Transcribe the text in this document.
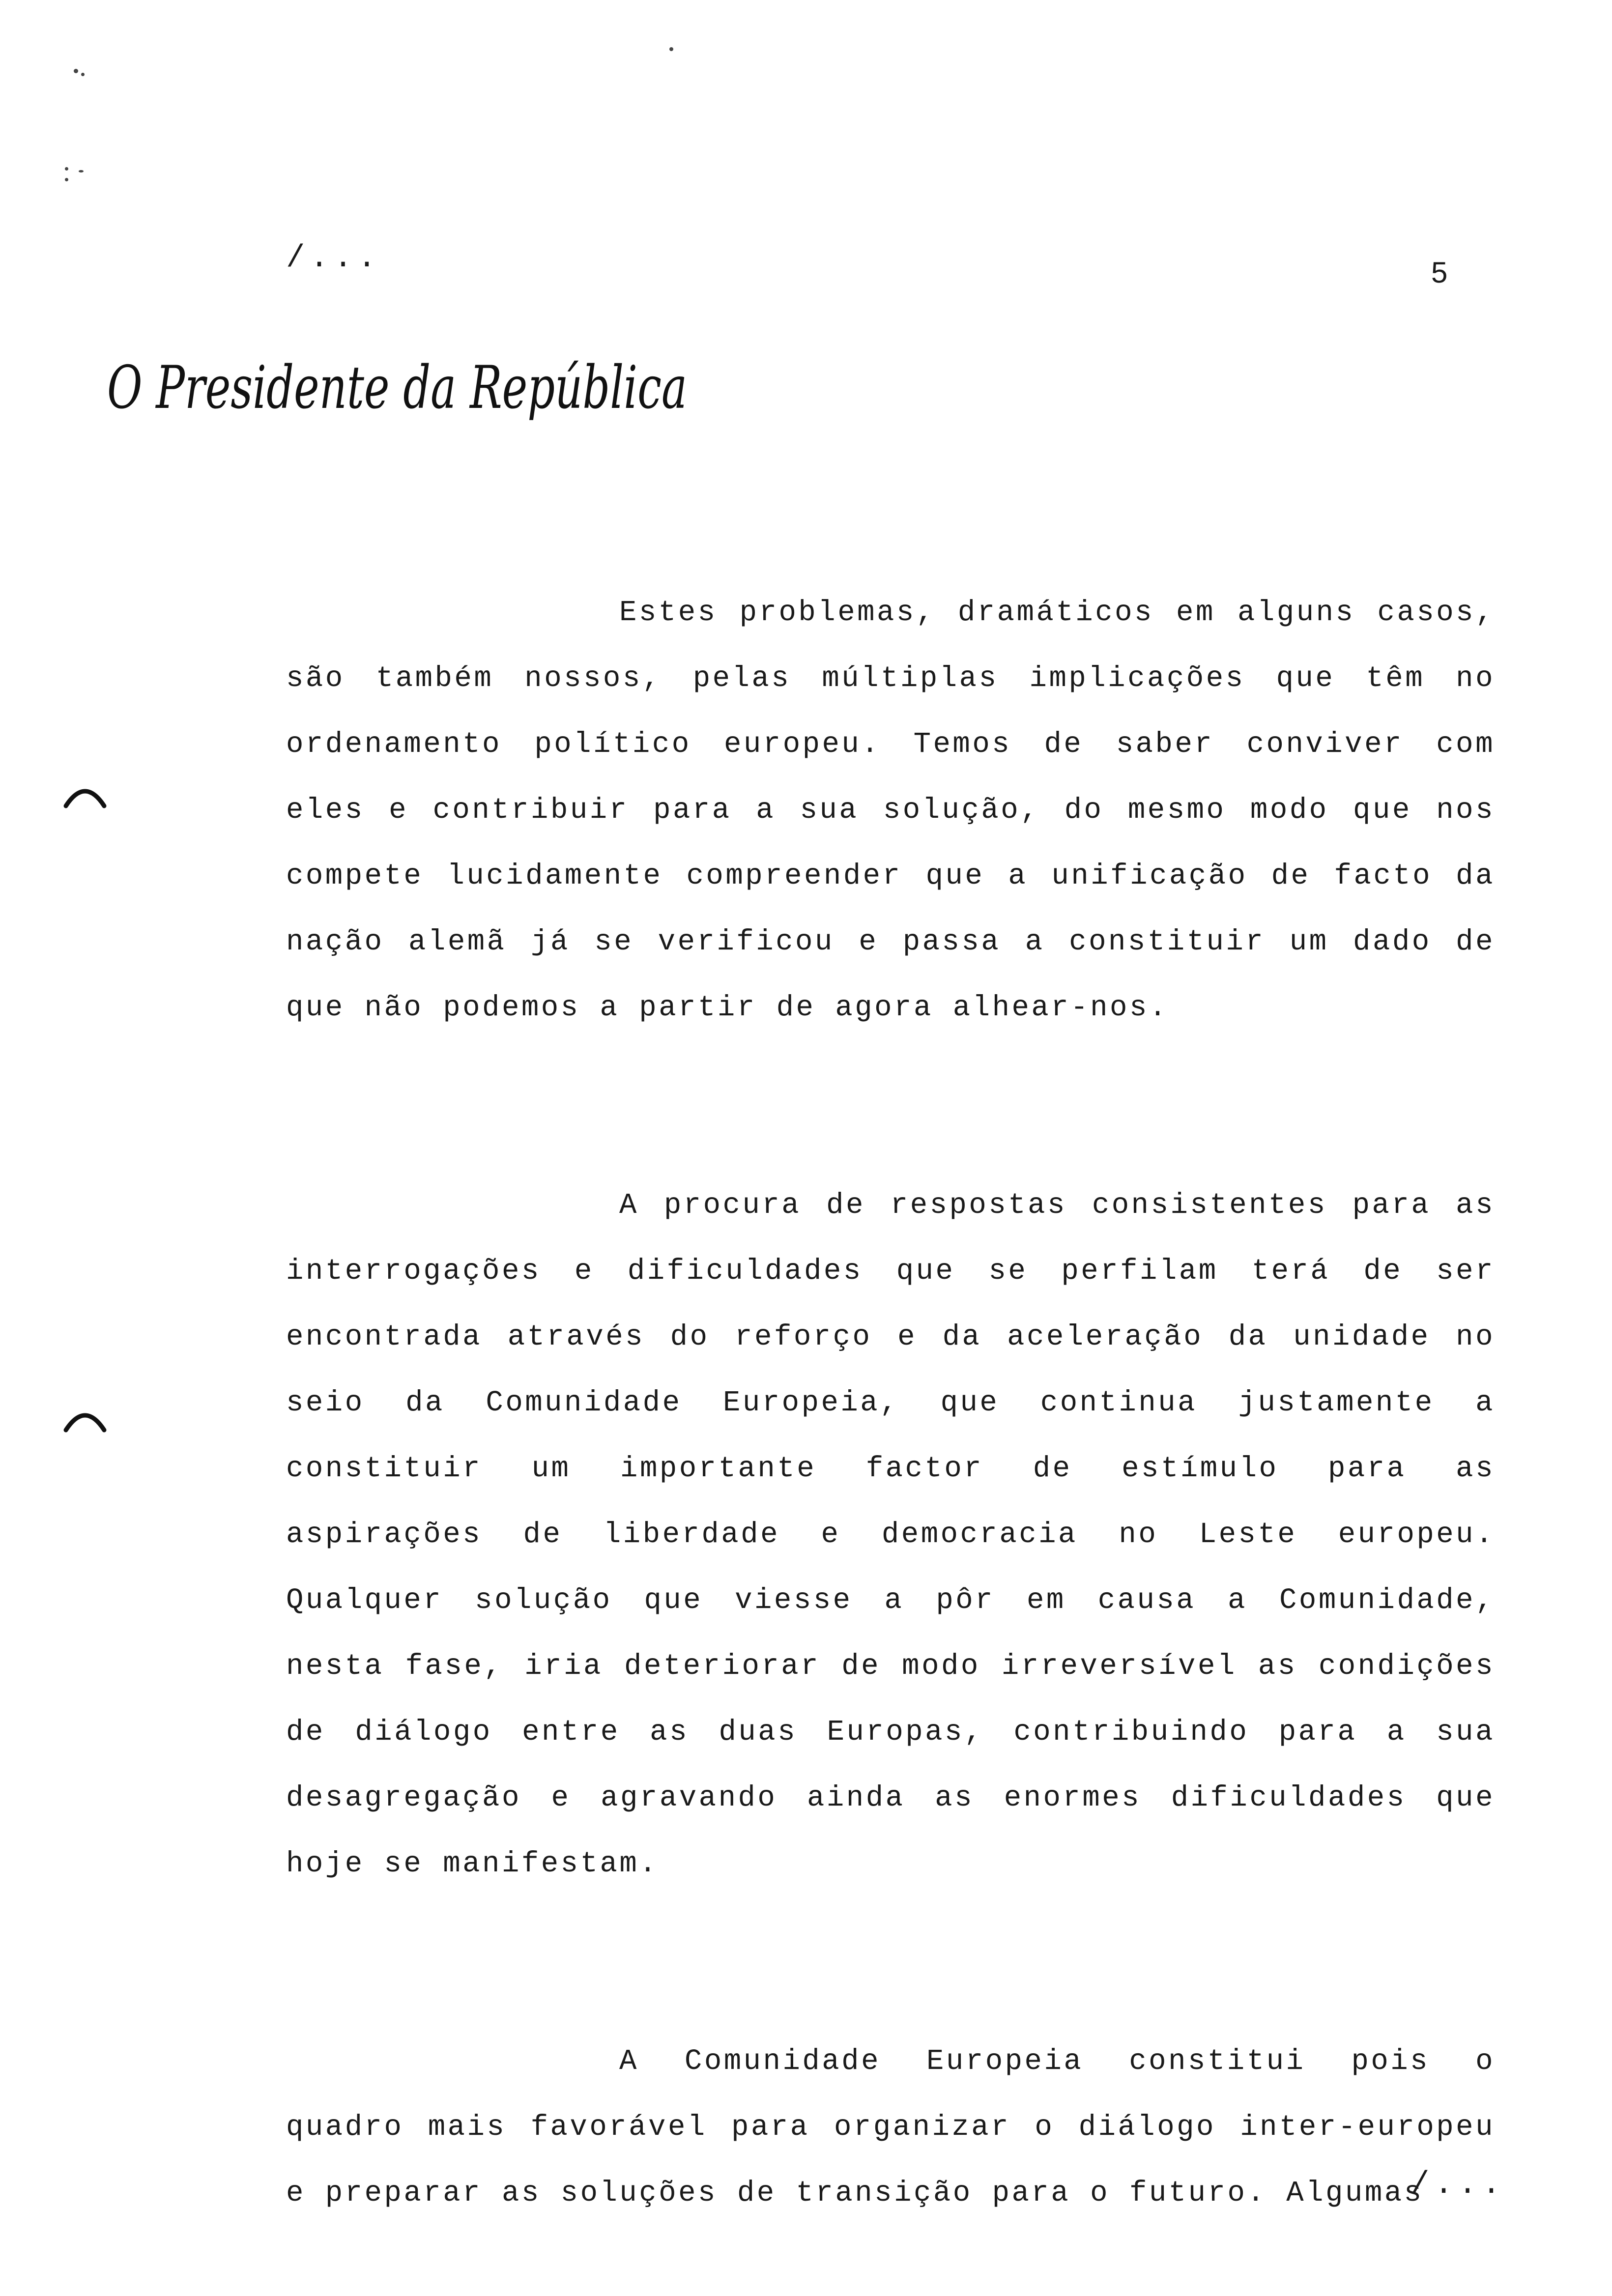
/...	5
O Presidente da República

Estes problemas, dramáticos em alguns casos, são também nossos, pelas múltiplas implicações que têm no ordenamento político europeu. Temos de saber conviver com eles e contribuir para a sua solução, do mesmo modo que nos compete lucidamente compreender que a unificação de facto da nação alemã já se verificou e passa a constituir um dado de que não podemos a partir de agora alhear-nos.

A procura de respostas consistentes para as interrogações e dificuldades que se perfilam terá de ser encontrada através do reforço e da aceleração da unidade no seio da Comunidade Europeia, que continua justamente a constituir um importante factor de estímulo para as aspirações de liberdade e democracia no Leste europeu. Qualquer solução que viesse a pôr em causa a Comunidade, nesta fase, iria deteriorar de modo irreversível as condições de diálogo entre as duas Europas, contribuindo para a sua desagregação e agravando ainda as enormes dificuldades que hoje se manifestam.

A Comunidade Europeia constitui pois o quadro mais favorável para organizar o diálogo inter-europeu e preparar as soluções de transição para o futuro. Algumas

/...
